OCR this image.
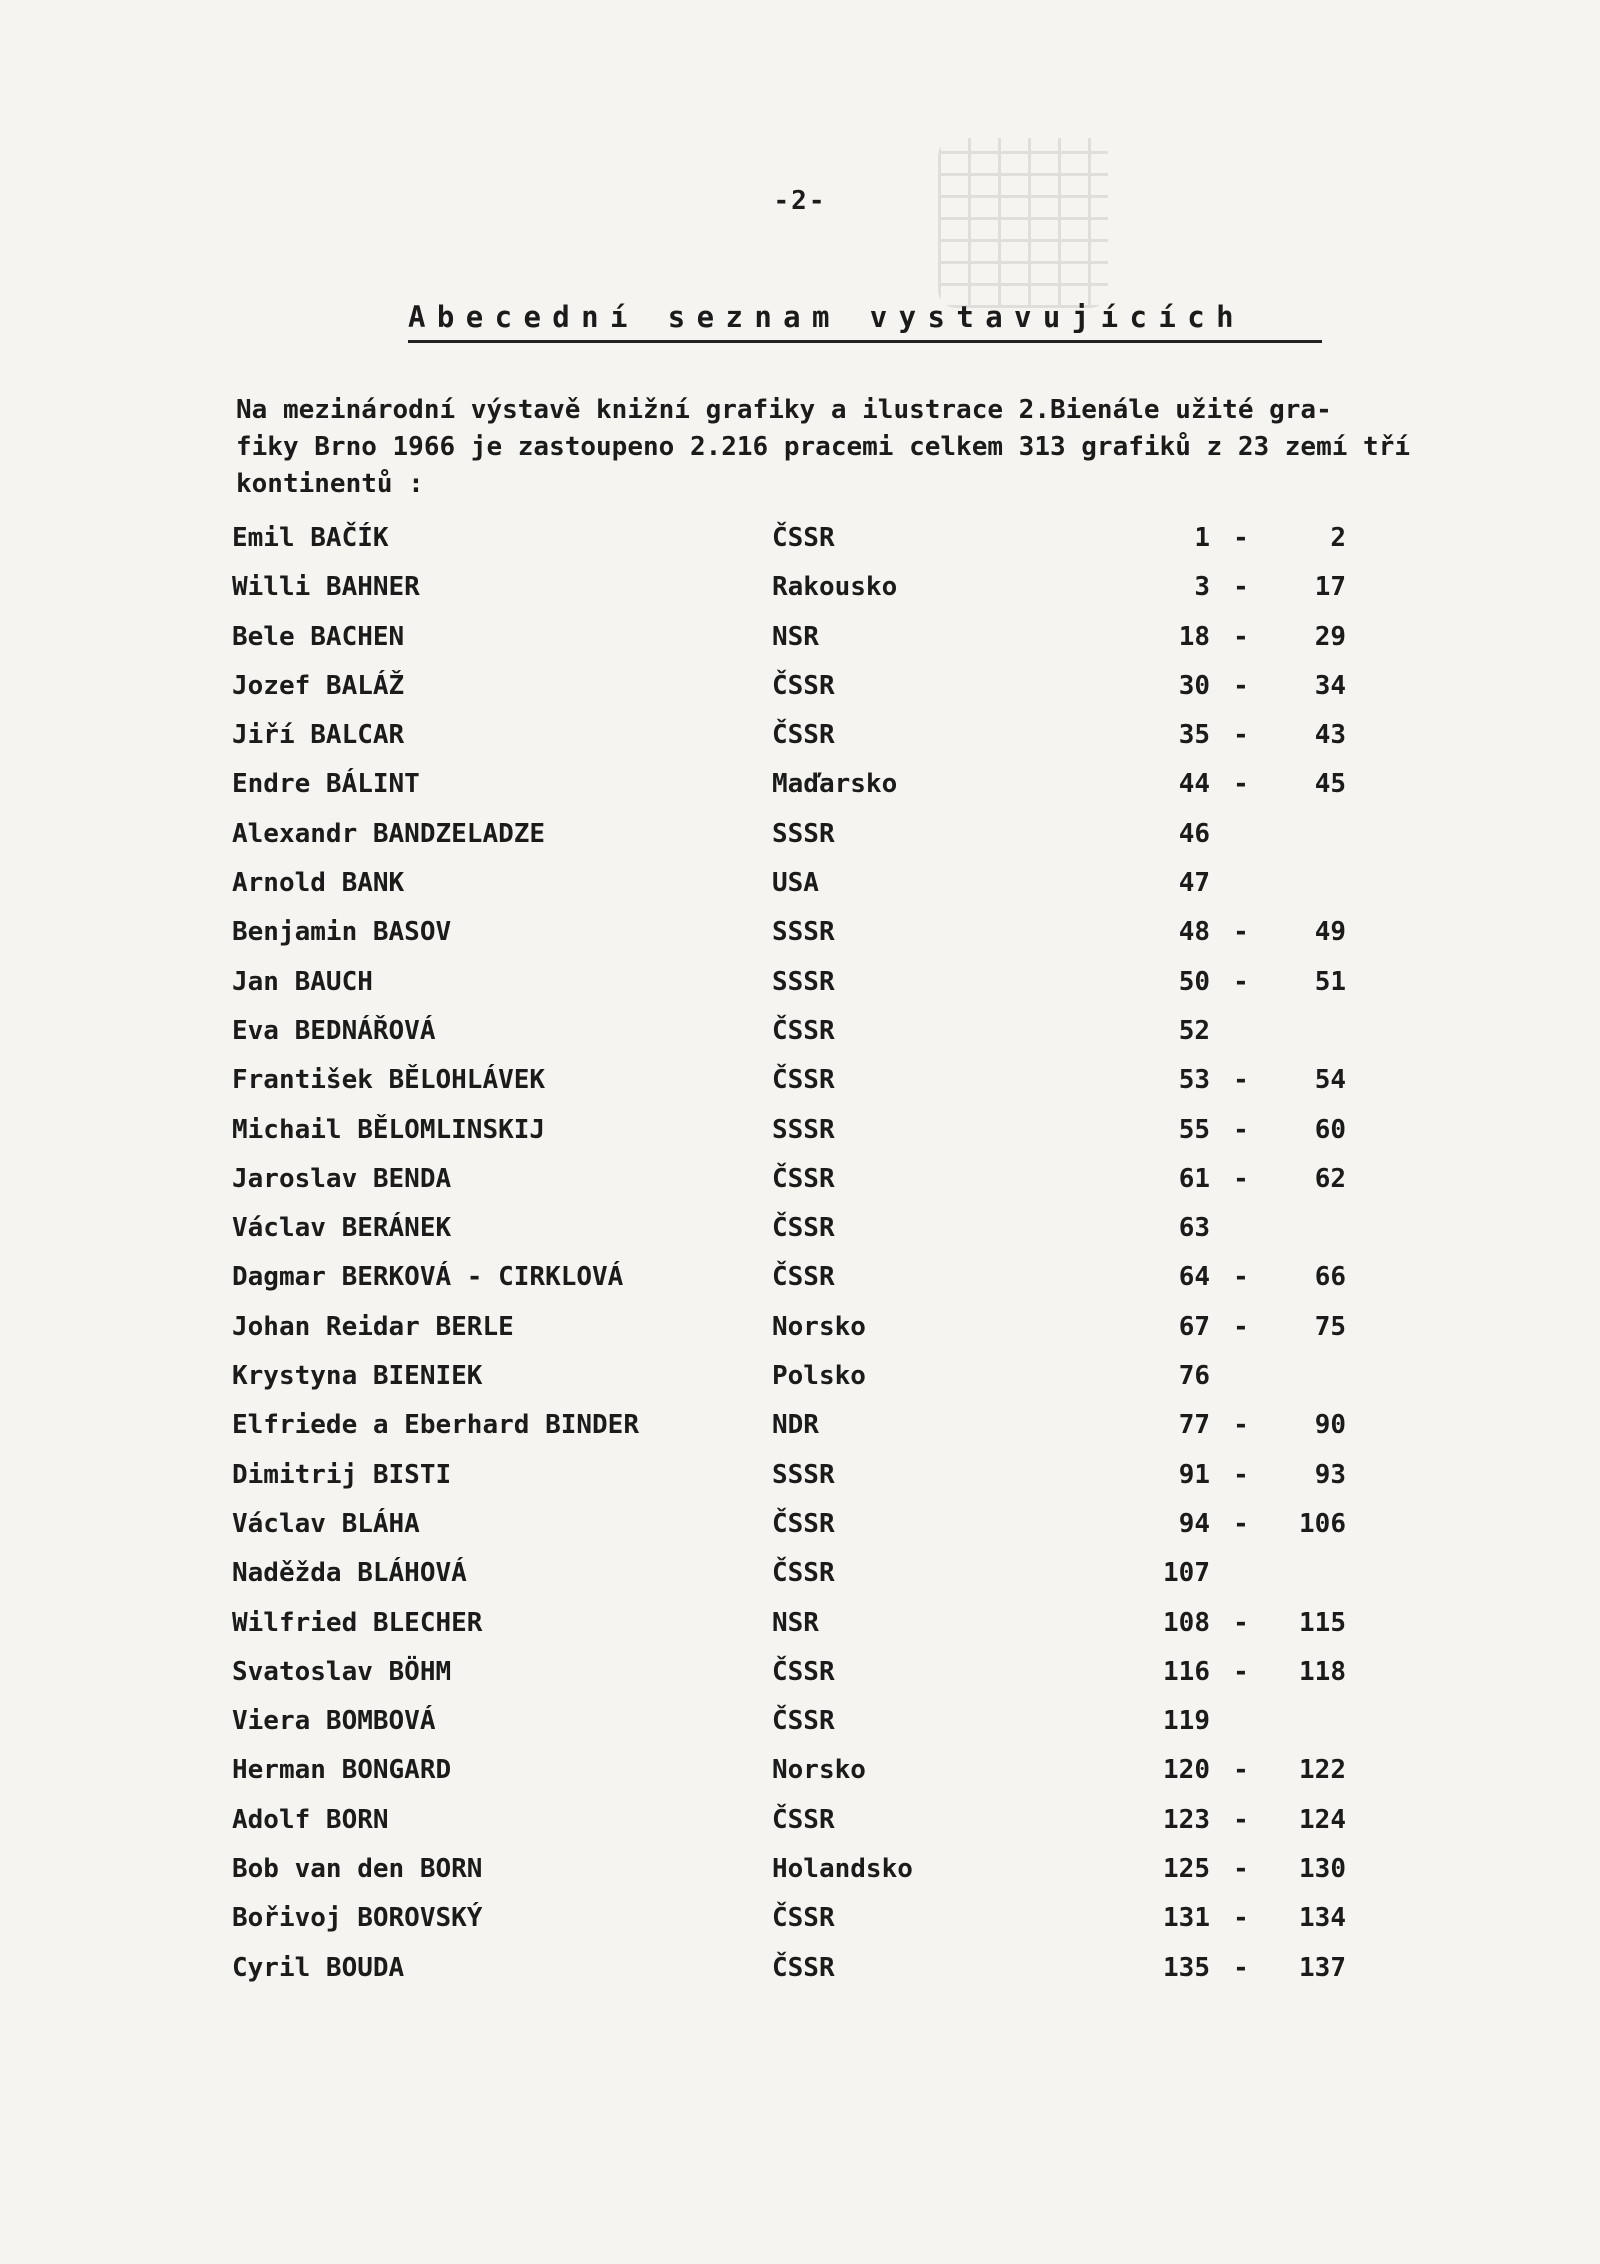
-2-
Abecední seznam vystavujících
Na mezinárodní výstavě knižní grafiky a ilustrace 2.Bienále užité gra-
fiky Brno 1966 je zastoupeno 2.216 pracemi celkem 313 grafiků z 23 zemí tří
kontinentů :
Emil BAČÍK	ČSSR	1 -	2
Willi BAHNER	Rakousko	3 -	17
Bele BACHEN	NSR	18 -	29
Jozef BALÁŽ	ČSSR	30 -	34
Jiří BALCAR	ČSSR	35 -	43
Endre BÁLINT	Maďarsko	44 -	45
Alexandr BANDZELADZE	SSSR	46
Arnold BANK	USA	47
Benjamin BASOV	SSSR	48 -	49
Jan BAUCH	SSSR	50 -	51
Eva BEDNÁŘOVÁ	ČSSR	52
František BĚLOHLÁVEK	ČSSR	53 -	54
Michail BĚLOMLINSKIJ	SSSR	55 -	60
Jaroslav BENDA	ČSSR	61 -	62
Václav BERÁNEK	ČSSR	63
Dagmar BERKOVÁ - CIRKLOVÁ	ČSSR	64 -	66
Johan Reidar BERLE	Norsko	67 -	75
Krystyna BIENIEK	Polsko	76
Elfriede a Eberhard BINDER	NDR	77 -	90
Dimitrij BISTI	SSSR	91 -	93
Václav BLÁHA	ČSSR	94 -	106
Naděžda BLÁHOVÁ	ČSSR	107
Wilfried BLECHER	NSR	108 -	115
Svatoslav BÖHM	ČSSR	116 -	118
Viera BOMBOVÁ	ČSSR	119
Herman BONGARD	Norsko	120 -	122
Adolf BORN	ČSSR	123 -	124
Bob van den BORN	Holandsko	125 -	130
Bořivoj BOROVSKÝ	ČSSR	131 -	134
Cyril BOUDA	ČSSR	135 -	137
